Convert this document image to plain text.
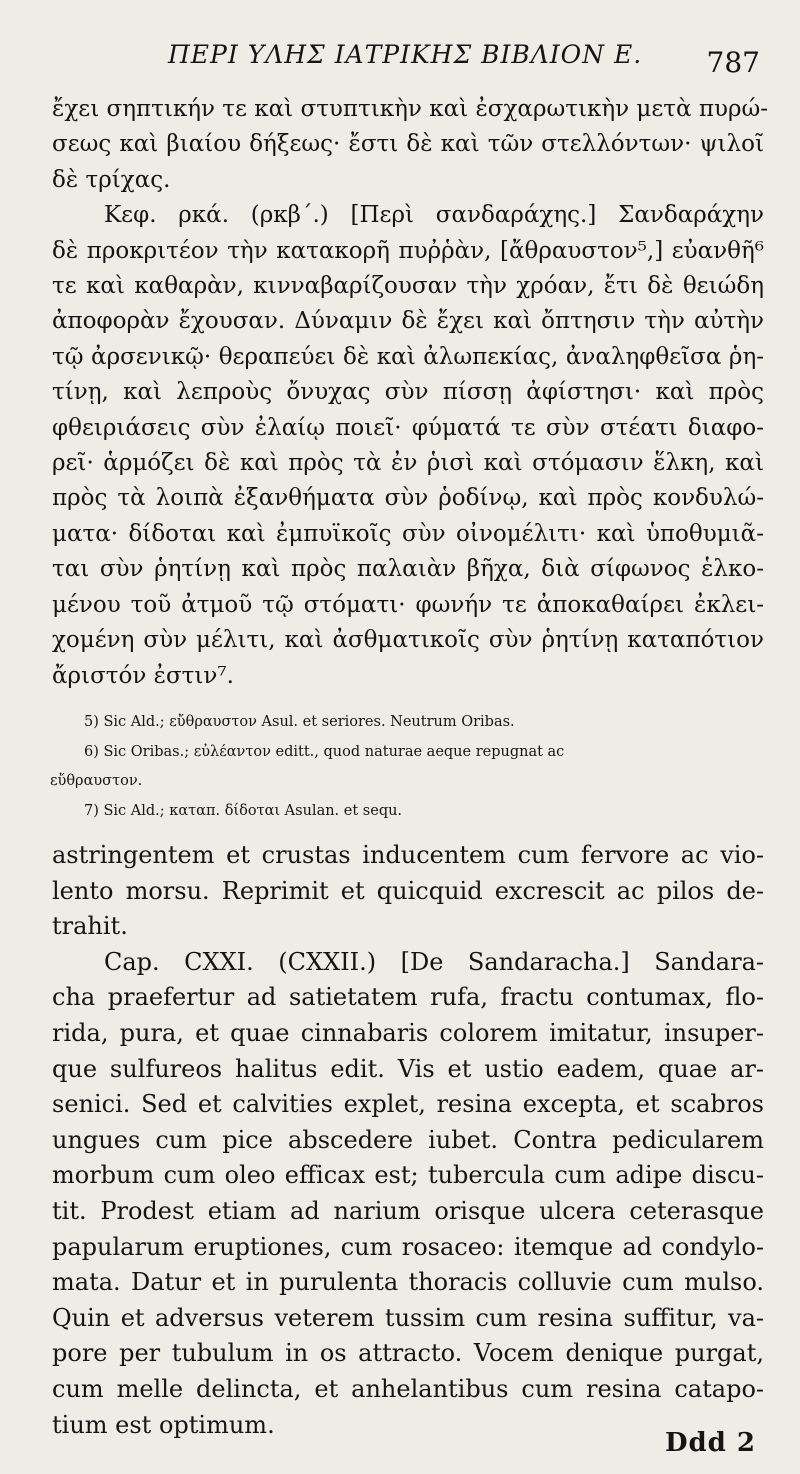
ΠΕΡΙ ΥΛΗΣ ΙΑΤΡΙΚΗΣ ΒΙΒΛΙΟΝ Ε. 787
ἔχει σηπτικήν τε καὶ στυπτικὴν καὶ ἐσχαρωτικὴν μετὰ πυρώ-
σεως καὶ βιαίου δήξεως· ἔστι δὲ καὶ τῶν στελλόντων· ψιλοῖ
δὲ τρίχας.
Κεφ. ρκά. (ρκβ΄.) [Περὶ σανδαράχης.] Σανδαράχην
δὲ προκριτέον τὴν κατακορῆ πυῤῥὰν, [ἄθραυστον⁵,] εὐανθῆ⁶
τε καὶ καθαρὰν, κινναβαρίζουσαν τὴν χρόαν, ἔτι δὲ θειώδη
ἀποφορὰν ἔχουσαν. Δύναμιν δὲ ἔχει καὶ ὄπτησιν τὴν αὐτὴν
τῷ ἀρσενικῷ· θεραπεύει δὲ καὶ ἀλωπεκίας, ἀναληφθεῖσα ῥη-
τίνῃ, καὶ λεπροὺς ὄνυχας σὺν πίσσῃ ἀφίστησι· καὶ πρὸς
φθειριάσεις σὺν ἐλαίῳ ποιεῖ· φύματά τε σὺν στέατι διαφο-
ρεῖ· ἁρμόζει δὲ καὶ πρὸς τὰ ἐν ῥισὶ καὶ στόμασιν ἕλκη, καὶ
πρὸς τὰ λοιπὰ ἐξανθήματα σὺν ῥοδίνῳ, καὶ πρὸς κονδυλώ-
ματα· δίδοται καὶ ἐμπυϊκοῖς σὺν οἰνομέλιτι· καὶ ὑποθυμιᾶ-
ται σὺν ῥητίνῃ καὶ πρὸς παλαιὰν βῆχα, διὰ σίφωνος ἑλκο-
μένου τοῦ ἀτμοῦ τῷ στόματι· φωνήν τε ἀποκαθαίρει ἐκλει-
χομένη σὺν μέλιτι, καὶ ἀσθματικοῖς σὺν ῥητίνῃ καταπότιον
ἄριστόν ἐστιν⁷.

5) Sic Ald.; εὔθραυστον Asul. et seriores. Neutrum Oribas.

6) Sic Oribas.; εὐλέαντον editt., quod naturae aeque repugnat ac

εὔθραυστον.

7) Sic Ald.; καταπ. δίδοται Asulan. et sequ.

astringentem et crustas inducentem cum fervore ac vio-
lento morsu. Reprimit et quicquid excrescit ac pilos de-
trahit.
Cap. CXXI. (CXXII.) [De Sandaracha.] Sandara-
cha praefertur ad satietatem rufa, fractu contumax, flo-
rida, pura, et quae cinnabaris colorem imitatur, insuper-
que sulfureos halitus edit. Vis et ustio eadem, quae ar-
senici. Sed et calvities explet, resina excepta, et scabros
ungues cum pice abscedere iubet. Contra pedicularem
morbum cum oleo efficax est; tubercula cum adipe discu-
tit. Prodest etiam ad narium orisque ulcera ceterasque
papularum eruptiones, cum rosaceo: itemque ad condylo-
mata. Datur et in purulenta thoracis colluvie cum mulso.
Quin et adversus veterem tussim cum resina suffitur, va-
pore per tubulum in os attracto. Vocem denique purgat,
cum melle delincta, et anhelantibus cum resina catapo-
tium est optimum.
Ddd 2
